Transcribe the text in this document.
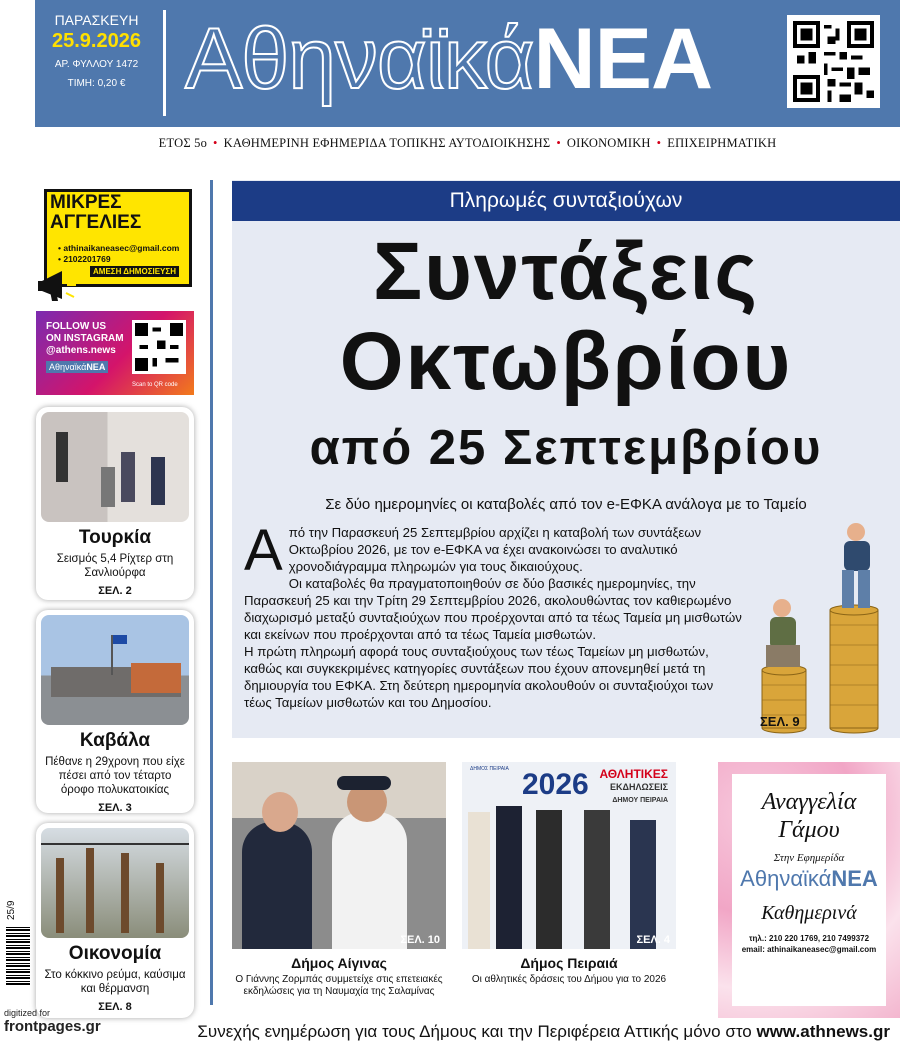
ΠΑΡΑΣΚΕΥΗ
25.9.2026
ΑΡ. ΦΥΛΛΟΥ 1472
ΤΙΜΗ: 0,20 € ΑθηναϊκάΝΕΑ
ΕΤΟΣ 5ο • ΚΑΘΗΜΕΡΙΝΗ ΕΦΗΜΕΡΙΔΑ ΤΟΠΙΚΗΣ ΑΥΤΟΔΙΟΙΚΗΣΗΣ • ΟΙΚΟΝΟΜΙΚΗ • ΕΠΙΧΕΙΡΗΜΑΤΙΚΗ
ΜΙΚΡΕΣ
ΑΓΓΕΛΙΕΣ
• athinaikaneasec@gmail.com
• 2102201769
ΑΜΕΣΗ ΔΗΜΟΣΙΕΥΣΗ
FOLLOW US
ON INSTAGRAM
@athens.news
ΑθηναϊκάΝΕΑ
Scan to QR code
Τουρκία
Σεισμός 5,4 Ρίχτερ στη Σανλιούρφα
ΣΕΛ. 2
Καβάλα
Πέθανε η 29χρονη που είχε πέσει από τον τέταρτο όροφο πολυκατοικίας
ΣΕΛ. 3
Οικονομία
Στο κόκκινο ρεύμα, καύσιμα και θέρμανση
ΣΕΛ. 8
Πληρωμές συνταξιούχων
Συντάξεις
Οκτωβρίου
από 25 Σεπτεμβρίου
Σε δύο ημερομηνίες οι καταβολές από τον e-ΕΦΚΑ ανάλογα με το Ταμείο

Από την Παρασκευή 25 Σεπτεμβρίου αρχίζει η καταβολή των συντάξεων Οκτωβρίου 2026, με τον e-ΕΦΚΑ να έχει ανακοινώσει το αναλυτικό χρονοδιάγραμμα πληρωμών για τους δικαιούχους.

Οι καταβολές θα πραγματοποιηθούν σε δύο βασικές ημερομηνίες, την Παρασκευή 25 και την Τρίτη 29 Σεπτεμβρίου 2026, ακολουθώντας τον καθιερωμένο διαχωρισμό μεταξύ συνταξιούχων που προέρχονται από τα τέως Ταμεία μη μισθωτών και εκείνων που προέρχονται από τα τέως Ταμεία μισθωτών.

Η πρώτη πληρωμή αφορά τους συνταξιούχους των τέως Ταμείων μη μισθωτών, καθώς και συγκεκριμένες κατηγορίες συντάξεων που έχουν απονεμηθεί μετά τη δημιουργία του ΕΦΚΑ. Στη δεύτερη ημερομηνία ακολουθούν οι συνταξιούχοι των τέως Ταμείων μισθωτών και του Δημοσίου.

ΣΕΛ. 9
ΣΕΛ. 10
Δήμος Αίγινας
Ο Γιάννης Ζορμπάς συμμετείχε στις επετειακές εκδηλώσεις για τη Ναυμαχία της Σαλαμίνας
ΔΗΜΟΣ ΠΕΙΡΑΙΑ 2026 ΑΘΛΗΤΙΚΕΣ
ΕΚΔΗΛΩΣΕΙΣ
ΔΗΜΟΥ ΠΕΙΡΑΙΑ
ΣΕΛ. 4
Δήμος Πειραιά
Οι αθλητικές δράσεις του Δήμου για το 2026
Αναγγελία
Γάμου
Στην Εφημερίδα
ΑθηναϊκάΝΕΑ
Καθημερινά
τηλ.: 210 220 1769, 210 7499372
email: athinaikaneasec@gmail.com
Συνεχής ενημέρωση για τους Δήμους και την Περιφέρεια Αττικής μόνο στο www.athnews.gr
digitized for
frontpages.gr
25/9
